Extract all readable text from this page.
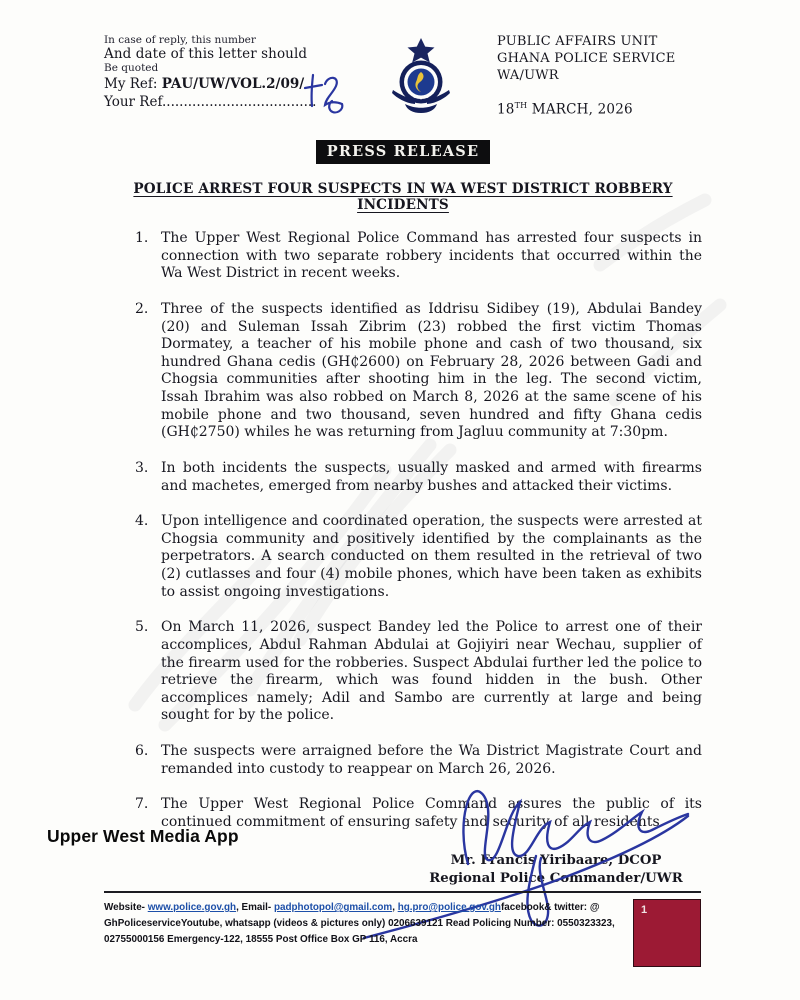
In case of reply, this number
And date of this letter should
Be quoted
My Ref: PAU/UW/VOL.2/09/
Your Ref....................................
PUBLIC AFFAIRS UNIT
GHANA POLICE SERVICE
WA/UWR
18TH MARCH, 2026
PRESS RELEASE
POLICE ARREST FOUR SUSPECTS IN WA WEST DISTRICT ROBBERY INCIDENTS
1. The Upper West Regional Police Command has arrested four suspects in connection with two separate robbery incidents that occurred within the Wa West District in recent weeks.
2. Three of the suspects identified as Iddrisu Sidibey (19), Abdulai Bandey (20) and Suleman Issah Zibrim (23) robbed the first victim Thomas Dormatey, a teacher of his mobile phone and cash of two thousand, six hundred Ghana cedis (GH₵2600) on February 28, 2026 between Gadi and Chogsia communities after shooting him in the leg. The second victim, Issah Ibrahim was also robbed on March 8, 2026 at the same scene of his mobile phone and two thousand, seven hundred and fifty Ghana cedis (GH₵2750) whiles he was returning from Jagluu community at 7:30pm.
3. In both incidents the suspects, usually masked and armed with firearms and machetes, emerged from nearby bushes and attacked their victims.
4. Upon intelligence and coordinated operation, the suspects were arrested at Chogsia community and positively identified by the complainants as the perpetrators. A search conducted on them resulted in the retrieval of two (2) cutlasses and four (4) mobile phones, which have been taken as exhibits to assist ongoing investigations.
5. On March 11, 2026, suspect Bandey led the Police to arrest one of their accomplices, Abdul Rahman Abdulai at Gojiyiri near Wechau, supplier of the firearm used for the robberies. Suspect Abdulai further led the police to retrieve the firearm, which was found hidden in the bush. Other accomplices namely; Adil and Sambo are currently at large and being sought for by the police.
6. The suspects were arraigned before the Wa District Magistrate Court and remanded into custody to reappear on March 26, 2026.
7. The Upper West Regional Police Command assures the public of its continued commitment of ensuring safety and security of all residents.
Upper West Media App
Mr. Francis Yiribaare, DCOP
Regional Police Commander/UWR
Website- www.police.gov.gh, Email- padphotopol@gmail.com, hg.pro@police.gov.ghfacebook& twitter: @ GhPoliceserviceYoutube, whatsapp (videos & pictures only) 0206639121 Read Policing Number: 0550323323, 02755000156 Emergency-122, 18555 Post Office Box GP 116, Accra
1
